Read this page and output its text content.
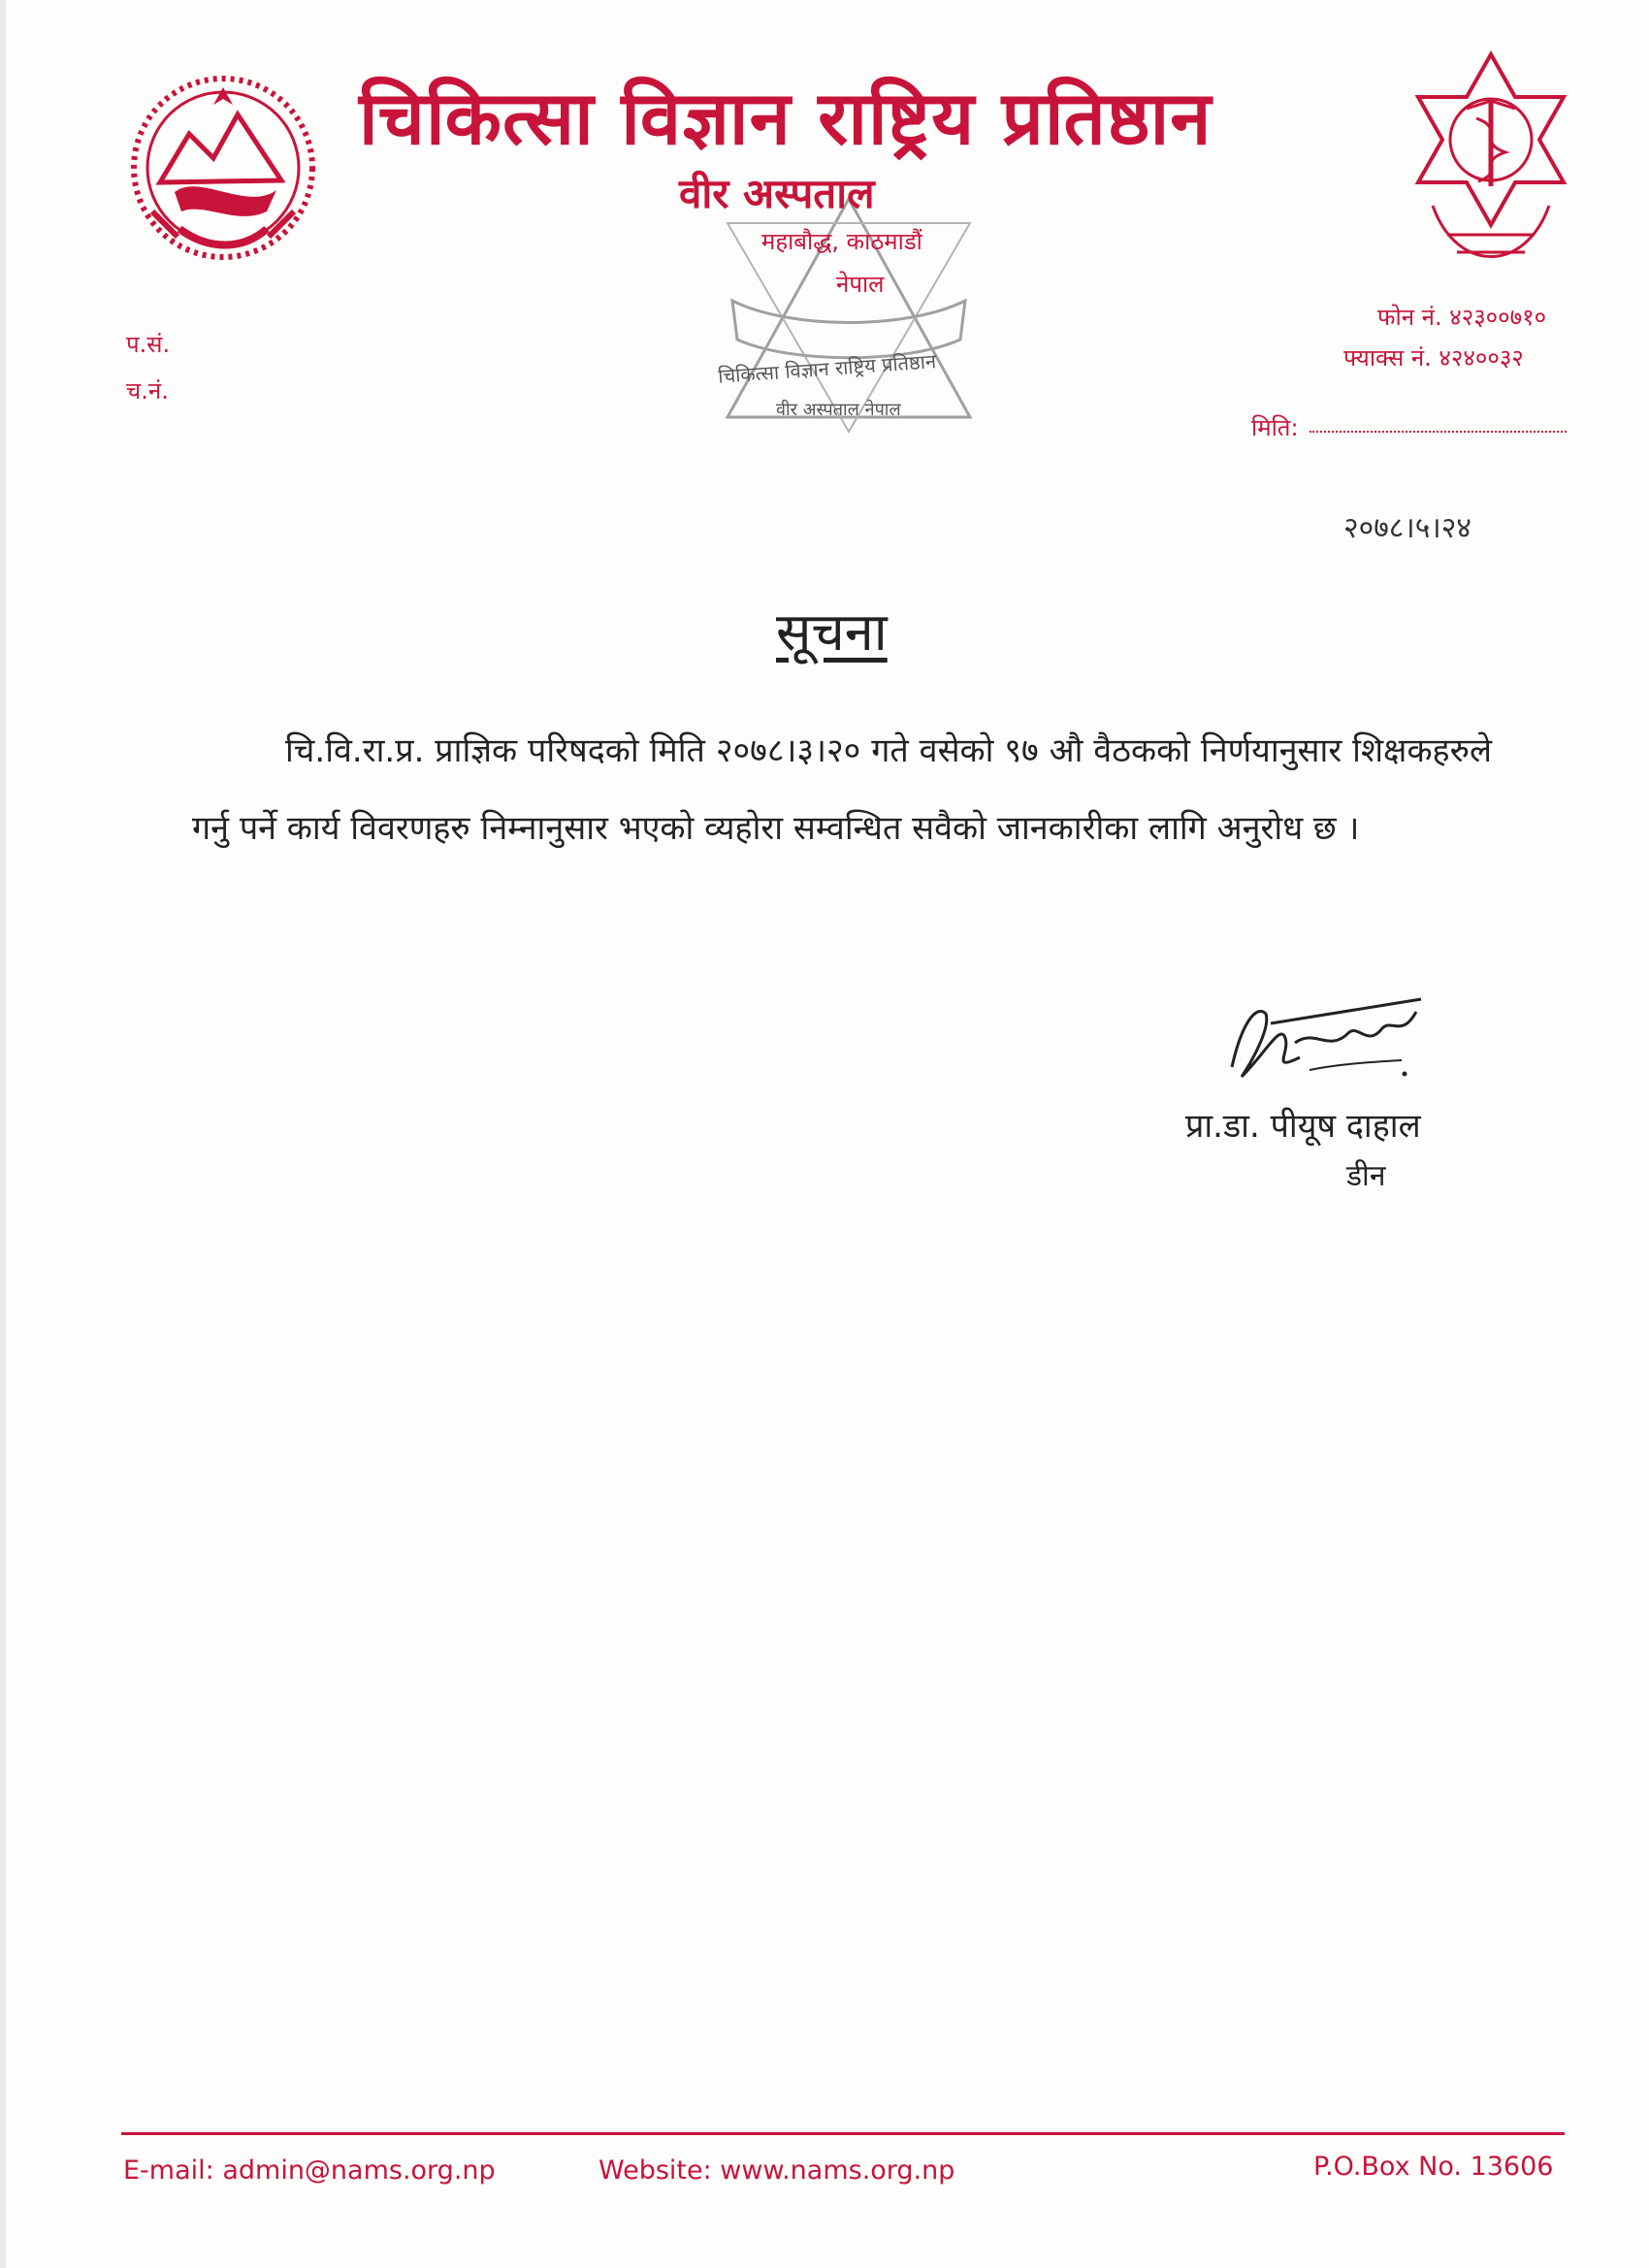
चिकित्सा विज्ञान राष्ट्रिय प्रतिष्ठान
वीर अस्पताल नेपाल
चिकित्सा विज्ञान राष्ट्रिय प्रतिष्ठान
वीर अस्पताल
महाबौद्ध, काठमाडौं
नेपाल
प.सं.
च.नं.
फोन नं. ४२३००७१०
फ्याक्स नं. ४२४००३२
मिति:
२०७८।५।२४
सूचना
चि.वि.रा.प्र. प्राज्ञिक परिषदको मिति २०७८।३।२० गते वसेको ९७ औ वैठकको निर्णयानुसार शिक्षकहरुले गर्नु पर्ने कार्य विवरणहरु निम्नानुसार भएको व्यहोरा सम्वन्धित सवैको जानकारीका लागि अनुरोध छ ।
प्रा.डा. पीयूष दाहाल
डीन
E-mail: admin@nams.org.np	Website: www.nams.org.np	P.O.Box No. 13606
